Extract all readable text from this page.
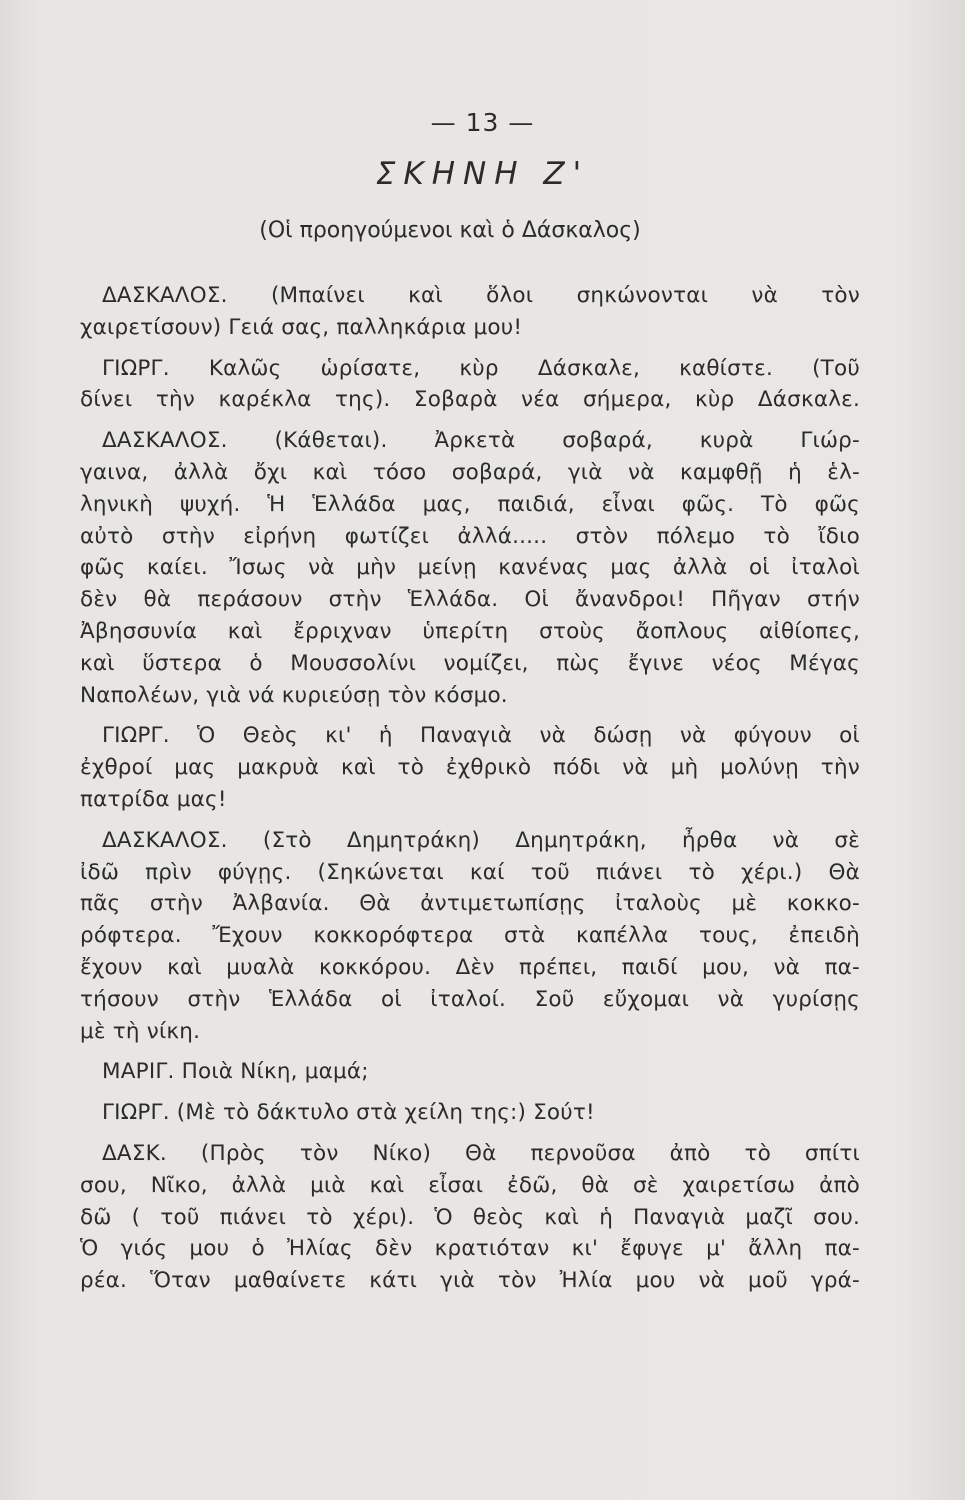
— 13 —
ΣΚΗΝΗ Ζ'
(Οἱ προηγούμενοι καὶ ὁ Δάσκαλος)
ΔΑΣΚΑΛΟΣ. (Μπαίνει καὶ ὅλοι σηκώνονται νὰ τὸν
χαιρετίσουν) Γειά σας, παλληκάρια μου!
ΓΙΩΡΓ. Καλῶς ὡρίσατε, κὺρ Δάσκαλε, καθίστε. (Τοῦ
δίνει τὴν καρέκλα της). Σοβαρὰ νέα σήμερα, κὺρ Δάσκαλε.
ΔΑΣΚΑΛΟΣ. (Κάθεται). Ἀρκετὰ σοβαρά, κυρὰ Γιώρ-
γαινα, ἀλλὰ ὄχι καὶ τόσο σοβαρά, γιὰ νὰ καμφθῇ ἡ ἑλ-
ληνικὴ ψυχή. Ἡ Ἑλλάδα μας, παιδιά, εἶναι φῶς. Τὸ φῶς
αὐτὸ στὴν εἰρήνη φωτίζει ἀλλά..... στὸν πόλεμο τὸ ἴδιο
φῶς καίει. Ἴσως νὰ μὴν μείνῃ κανένας μας ἀλλὰ οἱ ἰταλοὶ
δὲν θὰ περάσουν στὴν Ἑλλάδα. Οἱ ἄνανδροι! Πῆγαν στήν
Ἀβησσυνία καὶ ἔρριχναν ὑπερίτη στοὺς ἄοπλους αἰθίοπες,
καὶ ὕστερα ὁ Μουσσολίνι νομίζει, πὼς ἔγινε νέος Μέγας
Ναπολέων, γιὰ νά κυριεύσῃ τὸν κόσμο.
ΓΙΩΡΓ. Ὁ Θεὸς κι' ἡ Παναγιὰ νὰ δώσῃ νὰ φύγουν οἱ
ἐχθροί μας μακρυὰ καὶ τὸ ἐχθρικὸ πόδι νὰ μὴ μολύνῃ τὴν
πατρίδα μας!
ΔΑΣΚΑΛΟΣ. (Στὸ Δημητράκη) Δημητράκη, ἦρθα νὰ σὲ
ἰδῶ πρὶν φύγῃς. (Σηκώνεται καί τοῦ πιάνει τὸ χέρι.) Θὰ
πᾶς στὴν Ἀλβανία. Θὰ ἀντιμετωπίσῃς ἰταλοὺς μὲ κοκκο-
ρόφτερα. Ἔχουν κοκκορόφτερα στὰ καπέλλα τους, ἐπειδὴ
ἔχουν καὶ μυαλὰ κοκκόρου. Δὲν πρέπει, παιδί μου, νὰ πα-
τήσουν στὴν Ἑλλάδα οἱ ἰταλοί. Σοῦ εὔχομαι νὰ γυρίσῃς
μὲ τὴ νίκη.
ΜΑΡΙΓ. Ποιὰ Νίκη, μαμά;
ΓΙΩΡΓ. (Μὲ τὸ δάκτυλο στὰ χείλη της:) Σούτ!
ΔΑΣΚ. (Πρὸς τὸν Νίκο) Θὰ περνοῦσα ἀπὸ τὸ σπίτι
σου, Νῖκο, ἀλλὰ μιὰ καὶ εἶσαι ἐδῶ, θὰ σὲ χαιρετίσω ἀπὸ
δῶ ( τοῦ πιάνει τὸ χέρι). Ὁ θεὸς καὶ ἡ Παναγιὰ μαζῖ σου.
Ὁ γιός μου ὁ Ἠλίας δὲν κρατιόταν κι' ἔφυγε μ' ἄλλη πα-
ρέα. Ὅταν μαθαίνετε κάτι γιὰ τὸν Ἠλία μου νὰ μοῦ γρά-
